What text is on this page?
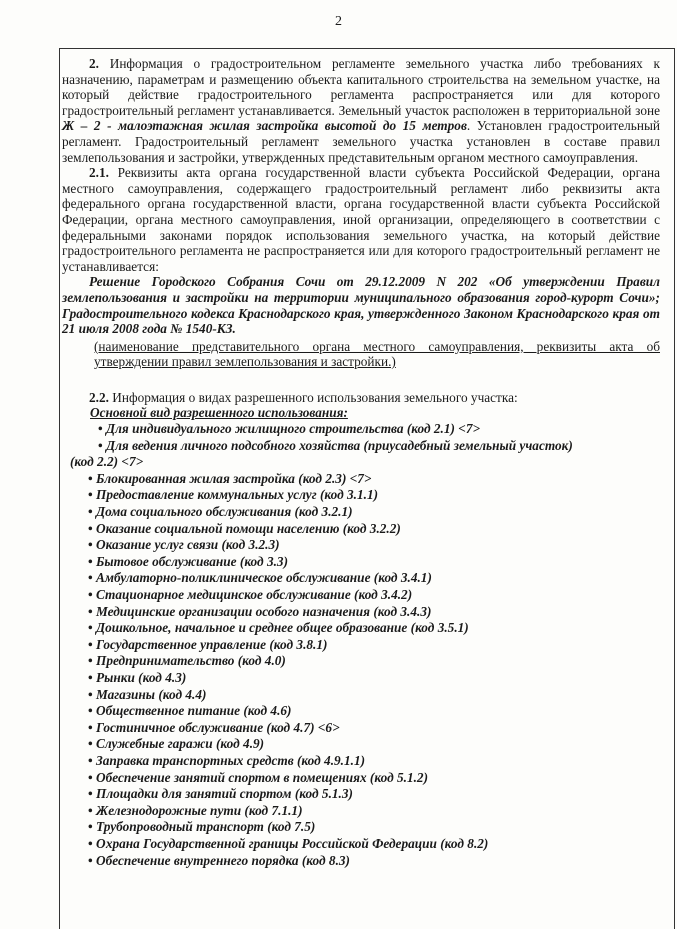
2

2. Информация о градостроительном регламенте земельного участка либо требованиях к назначению, параметрам и размещению объекта капитального строительства на земельном участке, на который действие градостроительного регламента распространяется или для которого градостроительный регламент устанавливается. Земельный участок расположен в территориальной зоне Ж – 2 - малоэтажная жилая застройка высотой до 15 метров. Установлен градостроительный регламент. Градостроительный регламент земельного участка установлен в составе правил землепользования и застройки, утвержденных представительным органом местного самоуправления.

2.1. Реквизиты акта органа государственной власти субъекта Российской Федерации, органа местного самоуправления, содержащего градостроительный регламент либо реквизиты акта федерального органа государственной власти, органа государственной власти субъекта Российской Федерации, органа местного самоуправления, иной организации, определяющего в соответствии с федеральными законами порядок использования земельного участка, на который действие градостроительного регламента не распространяется или для которого градостроительный регламент не устанавливается:

Решение Городского Собрания Сочи от 29.12.2009 N 202 «Об утверждении Правил землепользования и застройки на территории муниципального образования город-курорт Сочи»; Градостроительного кодекса Краснодарского края, утвержденного Законом Краснодарского края от 21 июля 2008 года № 1540-КЗ.

(наименование представительного органа местного самоуправления, реквизиты акта об утверждении правил землепользования и застройки.)

2.2. Информация о видах разрешенного использования земельного участка:

Основной вид разрешенного использования:

• Для индивидуального жилищного строительства (код 2.1) <7>
• Для ведения личного подсобного хозяйства (приусадебный земельный участок)
(код 2.2) <7>
• Блокированная жилая застройка (код 2.3) <7>
• Предоставление коммунальных услуг (код 3.1.1)
• Дома социального обслуживания (код 3.2.1)
• Оказание социальной помощи населению (код 3.2.2)
• Оказание услуг связи (код 3.2.3)
• Бытовое обслуживание (код 3.3)
• Амбулаторно-поликлиническое обслуживание (код 3.4.1)
• Стационарное медицинское обслуживание (код 3.4.2)
• Медицинские организации особого назначения (код 3.4.3)
• Дошкольное, начальное и среднее общее образование (код 3.5.1)
• Государственное управление (код 3.8.1)
• Предпринимательство (код 4.0)
• Рынки (код 4.3)
• Магазины (код 4.4)
• Общественное питание (код 4.6)
• Гостиничное обслуживание (код 4.7) <6>
• Служебные гаражи (код 4.9)
• Заправка транспортных средств (код 4.9.1.1)
• Обеспечение занятий спортом в помещениях (код 5.1.2)
• Площадки для занятий спортом (код 5.1.3)
• Железнодорожные пути (код 7.1.1)
• Трубопроводный транспорт (код 7.5)
• Охрана Государственной границы Российской Федерации (код 8.2)
• Обеспечение внутреннего порядка (код 8.3)
